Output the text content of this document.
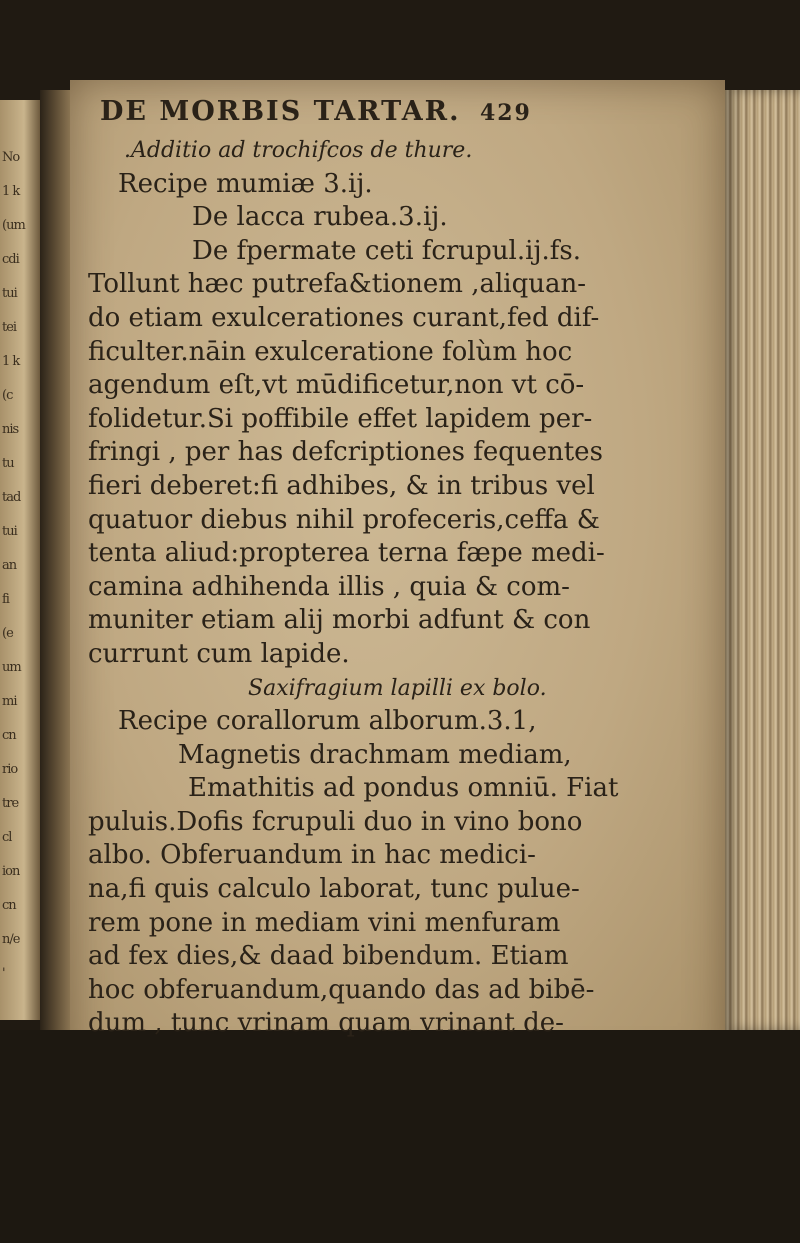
No
1 k
(um
cdi
tui
tei
1 k
(c
nis
tu
tad
tui
an
fi
(e
um
mi
cn
rio
tre
cl
ion
cn
n/e
'
DE MORBIS TARTAR. 429
.Additio ad trochifcos de thure.
Recipe mumiæ 3.ij.
De lacca rubea.3.ij.
De fpermate ceti fcrupul.ij.fs.
Tollunt hæc putrefa&tionem ,aliquan-
do etiam exulcerationes curant,fed dif-
ficulter.nāin exulceratione folùm hoc
agendum eſt,vt mūdificetur,non vt cō-
folidetur.Si poffibile effet lapidem per-
fringi , per has defcriptiones fequentes
fieri deberet:fi adhibes, & in tribus vel
quatuor diebus nihil profeceris,ceffa &
tenta aliud:propterea terna fæpe medi-
camina adhihenda illis , quia & com-
muniter etiam alij morbi adfunt & con
currunt cum lapide.
Saxifragium lapilli ex bolo.
Recipe corallorum alborum.3.1,
Magnetis drachmam mediam,
Emathitis ad pondus omniū. Fiat
puluis.Dofis fcrupuli duo in vino bono
albo. Obferuandum in hac medici-
na,fi quis calculo laborat, tunc pulue-
rem pone in mediam vini menfuram
ad fex dies,& daad bibendum. Etiam
hoc obferuandum,quando das ad bibē-
dum , tunc vrinam quam vrinant de-
